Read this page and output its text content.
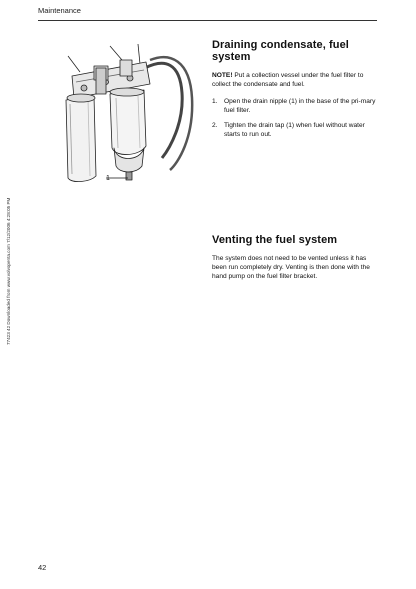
Maintenance
77423 42 Downloaded from www.volvopenta.com 7/12/2006 4:28:05 PM
1
Draining condensate, fuel system

NOTE! Put a collection vessel under the fuel filter to collect the condensate and fuel.

1. Open the drain nipple (1) in the base of the pri-mary fuel filter.
2. Tighten the drain tap (1) when fuel without water starts to run out.
Venting the fuel system

The system does not need to be vented unless it has been run completely dry. Venting is then done with the hand pump on the fuel filter bracket.

42
